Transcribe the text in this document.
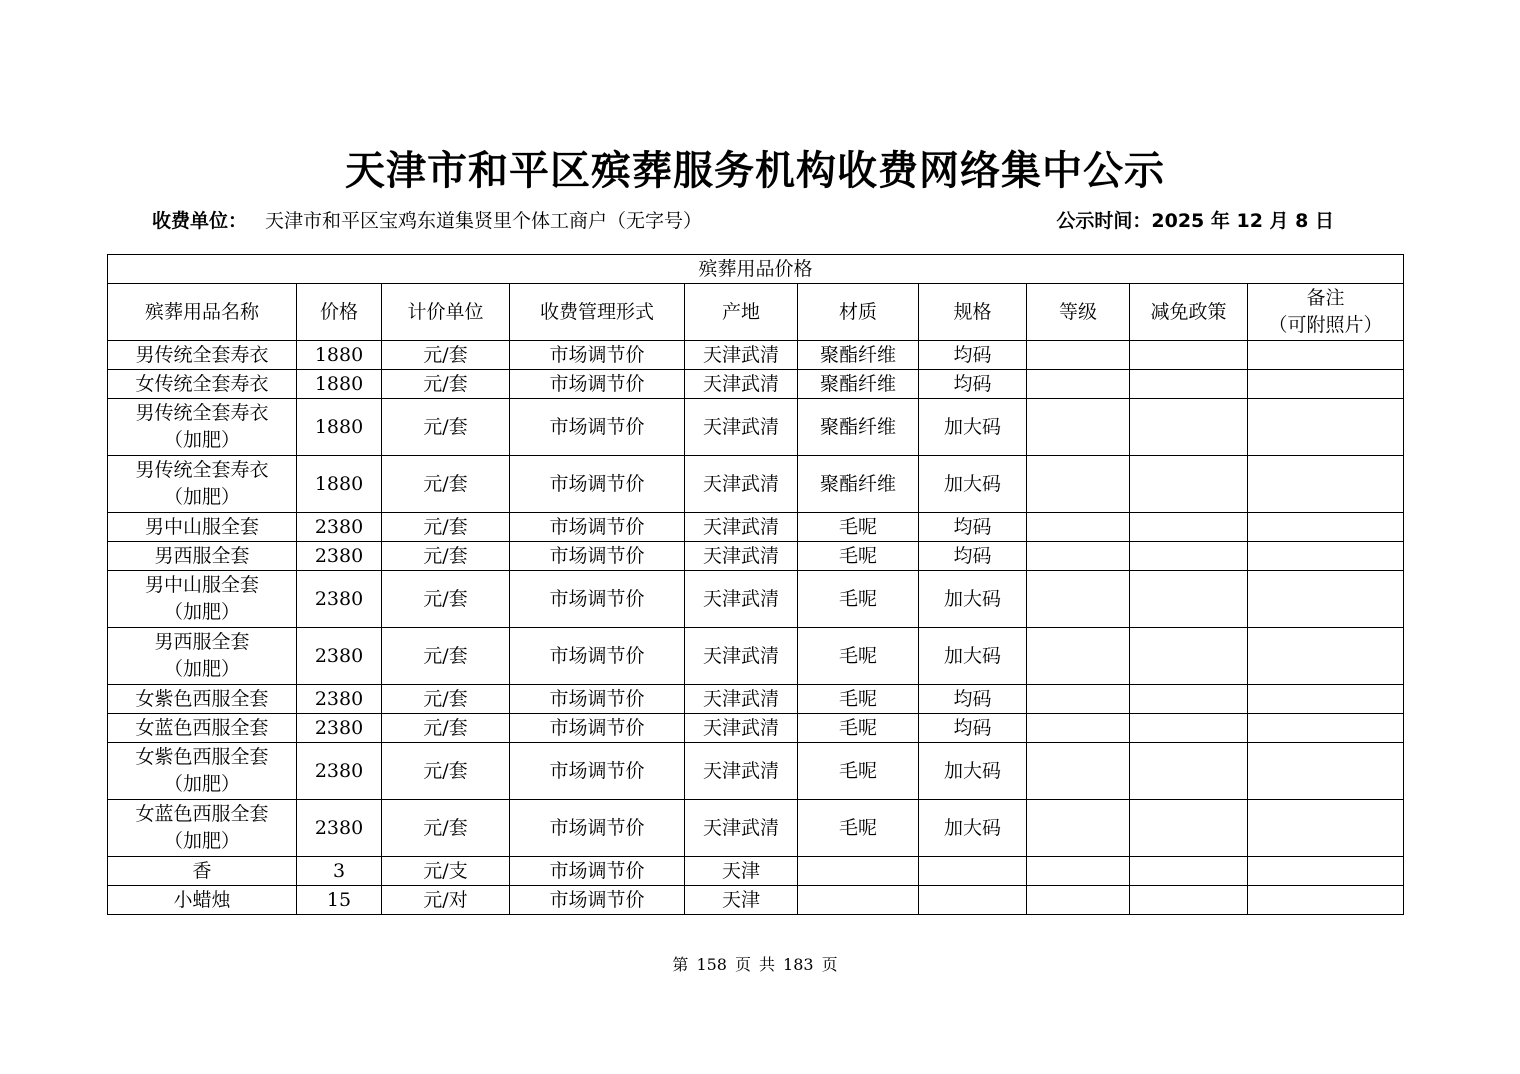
天津市和平区殡葬服务机构收费网络集中公示
收费单位： 天津市和平区宝鸡东道集贤里个体工商户（无字号）	公示时间：2025 年 12 月 8 日
殡葬用品价格									
殡葬用品名称	价格	计价单位	收费管理形式	产地	材质	规格	等级	减免政策	备注
（可附照片）
男传统全套寿衣	1880	元/套	市场调节价	天津武清	聚酯纤维	均码			
女传统全套寿衣	1880	元/套	市场调节价	天津武清	聚酯纤维	均码			
男传统全套寿衣
（加肥）	1880	元/套	市场调节价	天津武清	聚酯纤维	加大码			
男传统全套寿衣
（加肥）	1880	元/套	市场调节价	天津武清	聚酯纤维	加大码			
男中山服全套	2380	元/套	市场调节价	天津武清	毛呢	均码			
男西服全套	2380	元/套	市场调节价	天津武清	毛呢	均码			
男中山服全套
（加肥）	2380	元/套	市场调节价	天津武清	毛呢	加大码			
男西服全套
（加肥）	2380	元/套	市场调节价	天津武清	毛呢	加大码			
女紫色西服全套	2380	元/套	市场调节价	天津武清	毛呢	均码			
女蓝色西服全套	2380	元/套	市场调节价	天津武清	毛呢	均码			
女紫色西服全套
（加肥）	2380	元/套	市场调节价	天津武清	毛呢	加大码			
女蓝色西服全套
（加肥）	2380	元/套	市场调节价	天津武清	毛呢	加大码			
香	3	元/支	市场调节价	天津					
小蜡烛	15	元/对	市场调节价	天津					
第 158 页 共 183 页
